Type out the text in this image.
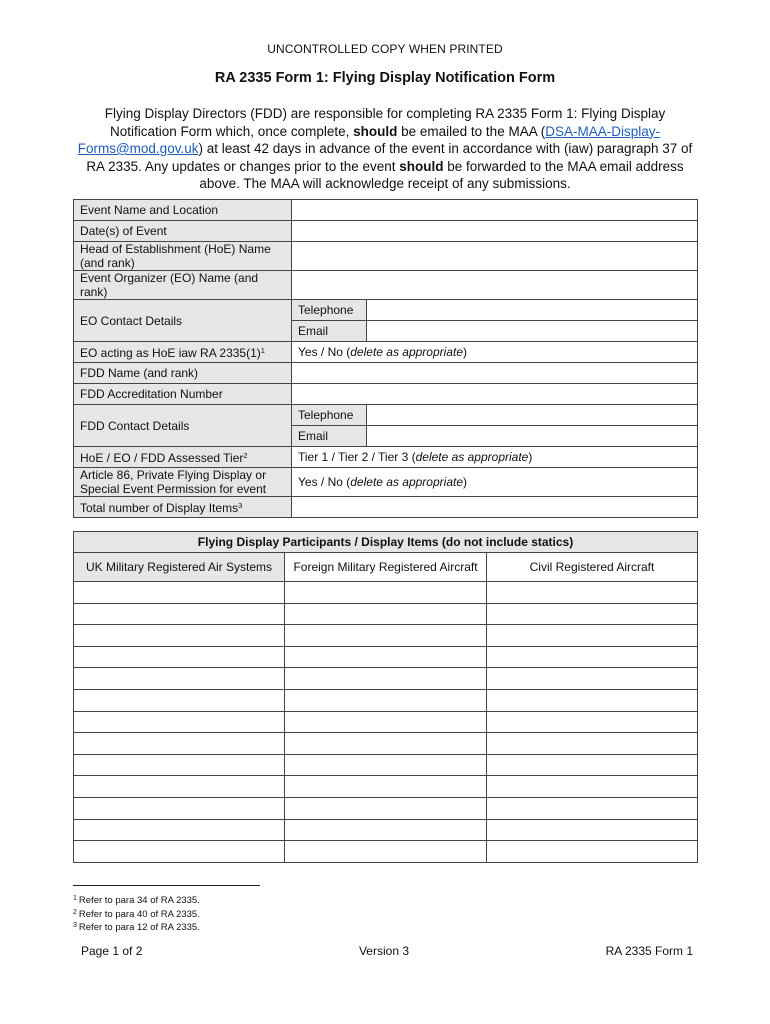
UNCONTROLLED COPY WHEN PRINTED
RA 2335 Form 1: Flying Display Notification Form

Flying Display Directors (FDD) are responsible for completing RA 2335 Form 1: Flying Display Notification Form which, once complete, should be emailed to the MAA (DSA-MAA-Display-Forms@mod.gov.uk) at least 42 days in advance of the event in accordance with (iaw) paragraph 37 of RA 2335. Any updates or changes prior to the event should be forwarded to the MAA email address above. The MAA will acknowledge receipt of any submissions.

Event Name and Location		
Date(s) of Event		
Head of Establishment (HoE) Name (and rank)		
Event Organizer (EO) Name (and rank)		
EO Contact Details	Telephone	
	Email	
EO acting as HoE iaw RA $2335(1)^1$	Yes / No (delete as appropriate)	
FDD Name (and rank)		
FDD Accreditation Number		
FDD Contact Details	Telephone	
	Email	
HoE / EO / FDD Assessed Tier$^2$	Tier 1 / Tier 2 / Tier 3 (delete as appropriate)	
Article 86, Private Flying Display or Special Event Permission for event	Yes / No (delete as appropriate)	
Total number of Display Items$^3$	
Flying Display Participants / Display Items (do not include statics)		
UK Military Registered Air Systems	Foreign Military Registered Aircraft	Civil Registered Aircraft

$^1$ Refer to para 34 of RA 2335.
$^2$ Refer to para 40 of RA 2335.
$^3$ Refer to para 12 of RA 2335.
Page 1 of 2	Version 3	RA 2335 Form 1
